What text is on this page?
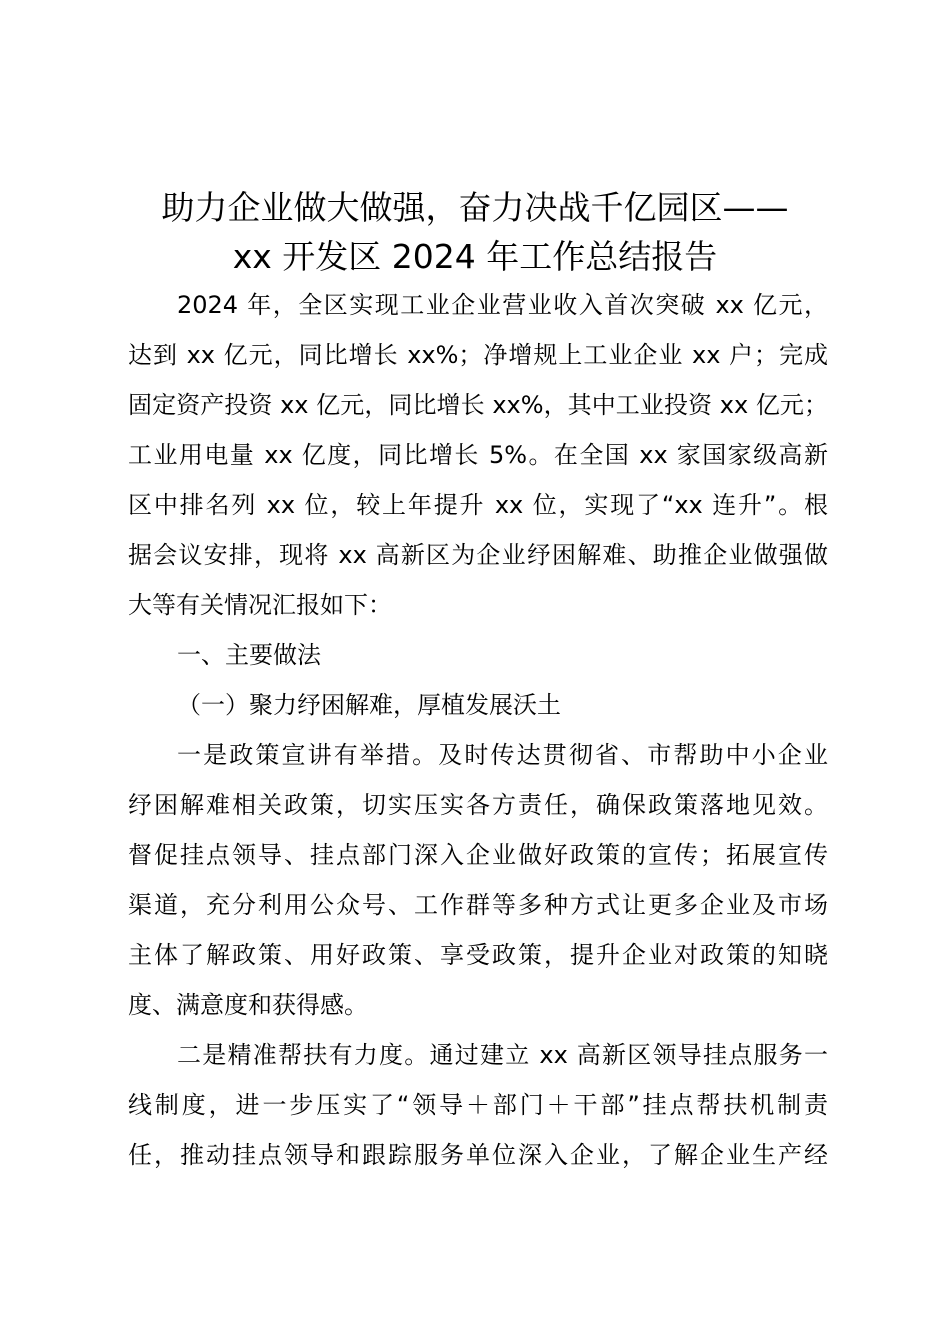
助力企业做大做强，奋力决战千亿园区——
xx 开发区 2024 年工作总结报告
2024 年，全区实现工业企业营业收入首次突破 xx 亿元，
达到 xx 亿元，同比增长 xx%；净增规上工业企业 xx 户；完成
固定资产投资 xx 亿元，同比增长 xx%，其中工业投资 xx 亿元；
工业用电量 xx 亿度，同比增长 5%。在全国 xx 家国家级高新
区中排名列 xx 位，较上年提升 xx 位，实现了“xx 连升”。根
据会议安排，现将 xx 高新区为企业纾困解难、助推企业做强做
大等有关情况汇报如下：
一、主要做法
（一）聚力纾困解难，厚植发展沃土
一是政策宣讲有举措。及时传达贯彻省、市帮助中小企业
纾困解难相关政策，切实压实各方责任，确保政策落地见效。
督促挂点领导、挂点部门深入企业做好政策的宣传；拓展宣传
渠道，充分利用公众号、工作群等多种方式让更多企业及市场
主体了解政策、用好政策、享受政策，提升企业对政策的知晓
度、满意度和获得感。
二是精准帮扶有力度。通过建立 xx 高新区领导挂点服务一
线制度，进一步压实了“领导＋部门＋干部”挂点帮扶机制责
任，推动挂点领导和跟踪服务单位深入企业，了解企业生产经
